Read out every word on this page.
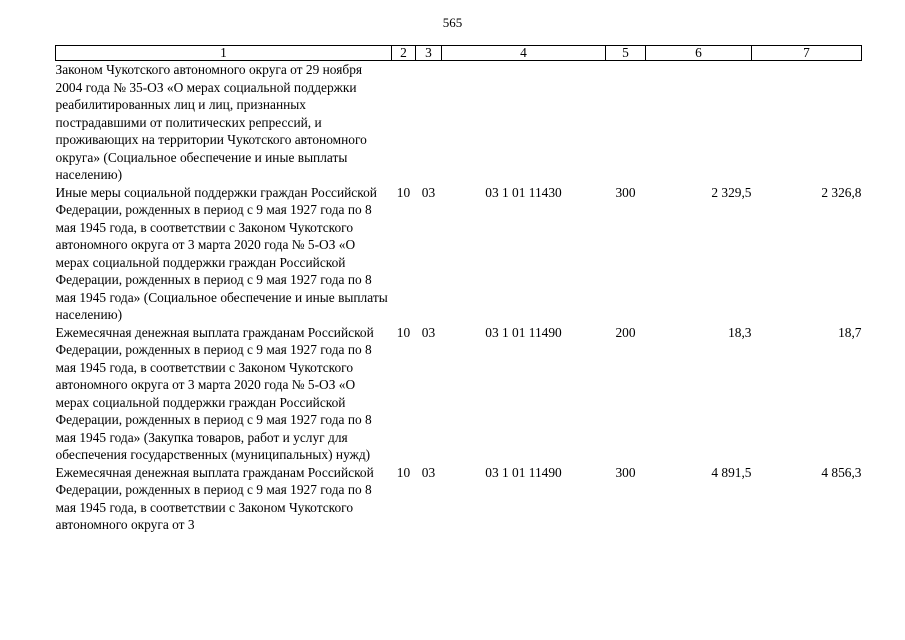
565
1	2	3	4	5	6	7
Законом Чукотского автономного округа от 29 ноября 2004 года № 35-ОЗ «О мерах социальной поддержки реабилитированных лиц и лиц, признанных пострадавшими от политических репрессий, и проживающих на территории Чукотского автономного округа» (Социальное обеспечение и иные выплаты населению)						
Иные меры социальной поддержки граждан Российской Федерации, рожденных в период с 9 мая 1927 года по 8 мая 1945 года, в соответствии с Законом Чукотского автономного округа от 3 марта 2020 года № 5-ОЗ «О мерах социальной поддержки граждан Российской Федерации, рожденных в период с 9 мая 1927 года по 8 мая 1945 года» (Социальное обеспечение и иные выплаты населению)	10	03	03 1 01 11430	300	2 329,5	2 326,8
Ежемесячная денежная выплата гражданам Российской Федерации, рожденных в период с 9 мая 1927 года по 8 мая 1945 года, в соответствии с Законом Чукотского автономного округа от 3 марта 2020 года № 5-ОЗ «О мерах социальной поддержки граждан Российской Федерации, рожденных в период с 9 мая 1927 года по 8 мая 1945 года» (Закупка товаров, работ и услуг для обеспечения государственных (муниципальных) нужд)	10	03	03 1 01 11490	200	18,3	18,7
Ежемесячная денежная выплата гражданам Российской Федерации, рожденных в период с 9 мая 1927 года по 8 мая 1945 года, в соответствии с Законом Чукотского автономного округа от 3	10	03	03 1 01 11490	300	4 891,5	4 856,3
